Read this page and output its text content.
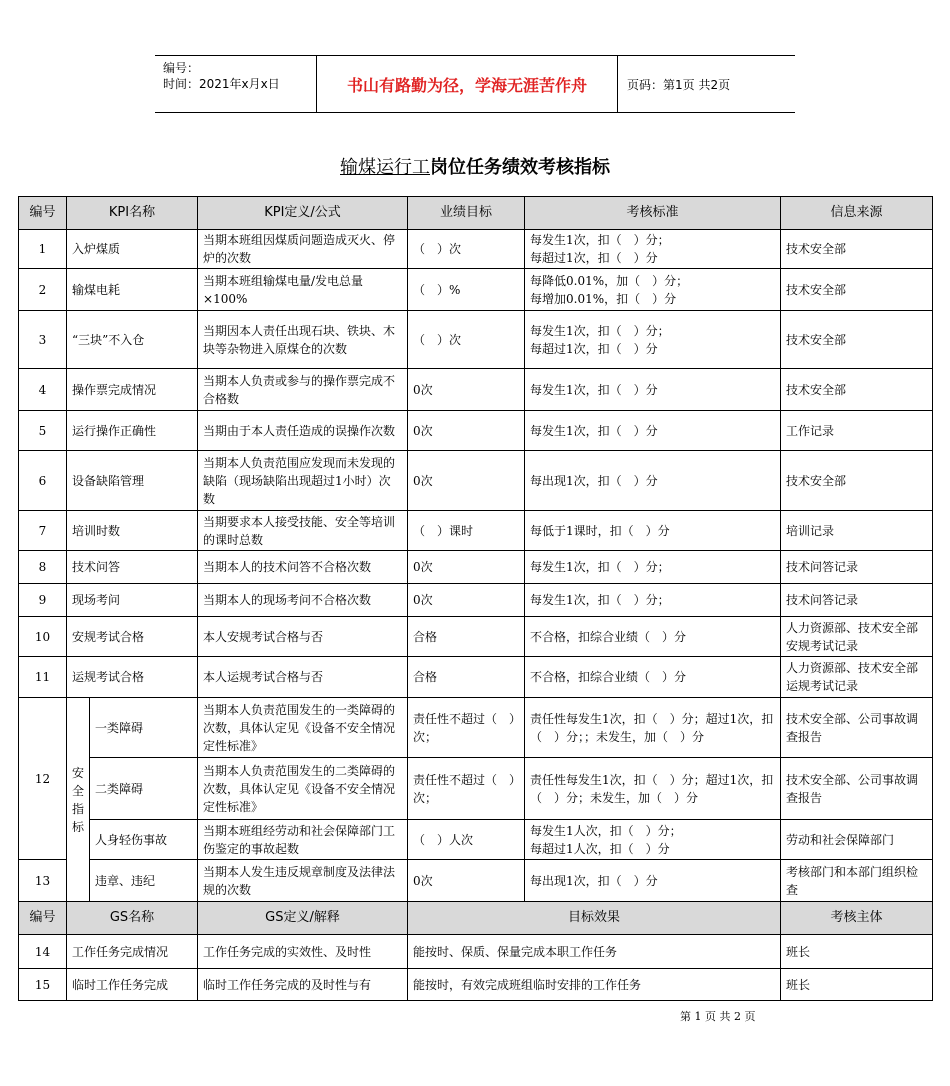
编号：
时间：2021年x月x日	书山有路勤为径，学海无涯苦作舟	页码：第1页 共2页
输煤运行工岗位任务绩效考核指标
编号	KPI名称		KPI定义/公式	业绩目标	考核标准	信息来源
1	入炉煤质		当期本班组因煤质问题造成灭火、停炉的次数	（　）次	每发生1次，扣（　）分；
每超过1次，扣（　）分	技术安全部
2	输煤电耗		当期本班组输煤电量/发电总量×100%	（　）%	每降低0.01%，加（　）分；
每增加0.01%，扣（　）分	技术安全部
3	“三块”不入仓		当期因本人责任出现石块、铁块、木块等杂物进入原煤仓的次数	（　）次	每发生1次，扣（　）分；
每超过1次，扣（　）分	技术安全部
4	操作票完成情况		当期本人负责或参与的操作票完成不合格数	0次	每发生1次，扣（　）分	技术安全部
5	运行操作正确性		当期由于本人责任造成的误操作次数	0次	每发生1次，扣（　）分	工作记录
6	设备缺陷管理		当期本人负责范围应发现而未发现的缺陷（现场缺陷出现超过1小时）次数	0次	每出现1次，扣（　）分	技术安全部
7	培训时数		当期要求本人接受技能、安全等培训的课时总数	（　）课时	每低于1课时，扣（　）分	培训记录
8	技术问答		当期本人的技术问答不合格次数	0次	每发生1次，扣（　）分；	技术问答记录
9	现场考问		当期本人的现场考问不合格次数	0次	每发生1次，扣（　）分；	技术问答记录
10	安规考试合格		本人安规考试合格与否	合格	不合格，扣综合业绩（　）分	人力资源部、技术安全部安规考试记录
11	运规考试合格		本人运规考试合格与否	合格	不合格，扣综合业绩（　）分	人力资源部、技术安全部运规考试记录
12	安
全
指
标	一类障碍	当期本人负责范围发生的一类障碍的次数，具体认定见《设备不安全情况定性标准》	责任性不超过（　）次；	责任性每发生1次，扣（　）分；超过1次，扣（　）分；；未发生，加（　）分	技术安全部、公司事故调查报告
		二类障碍	当期本人负责范围发生的二类障碍的次数，具体认定见《设备不安全情况定性标准》	责任性不超过（　）次；	责任性每发生1次，扣（　）分；超过1次，扣（　）分；未发生，加（　）分	技术安全部、公司事故调查报告
		人身轻伤事故	当期本班组经劳动和社会保障部门工伤鉴定的事故起数	（　）人次	每发生1人次，扣（　）分；
每超过1人次，扣（　）分	劳动和社会保障部门
13		违章、违纪	当期本人发生违反规章制度及法律法规的次数	0次	每出现1次，扣（　）分	考核部门和本部门组织检查
编号	GS名称		GS定义/解释	目标效果		考核主体
14	工作任务完成情况		工作任务完成的实效性、及时性	能按时、保质、保量完成本职工作任务		班长
15	临时工作任务完成		临时工作任务完成的及时性与有	能按时，有效完成班组临时安排的工作任务		班长
第 1 页 共 2 页
